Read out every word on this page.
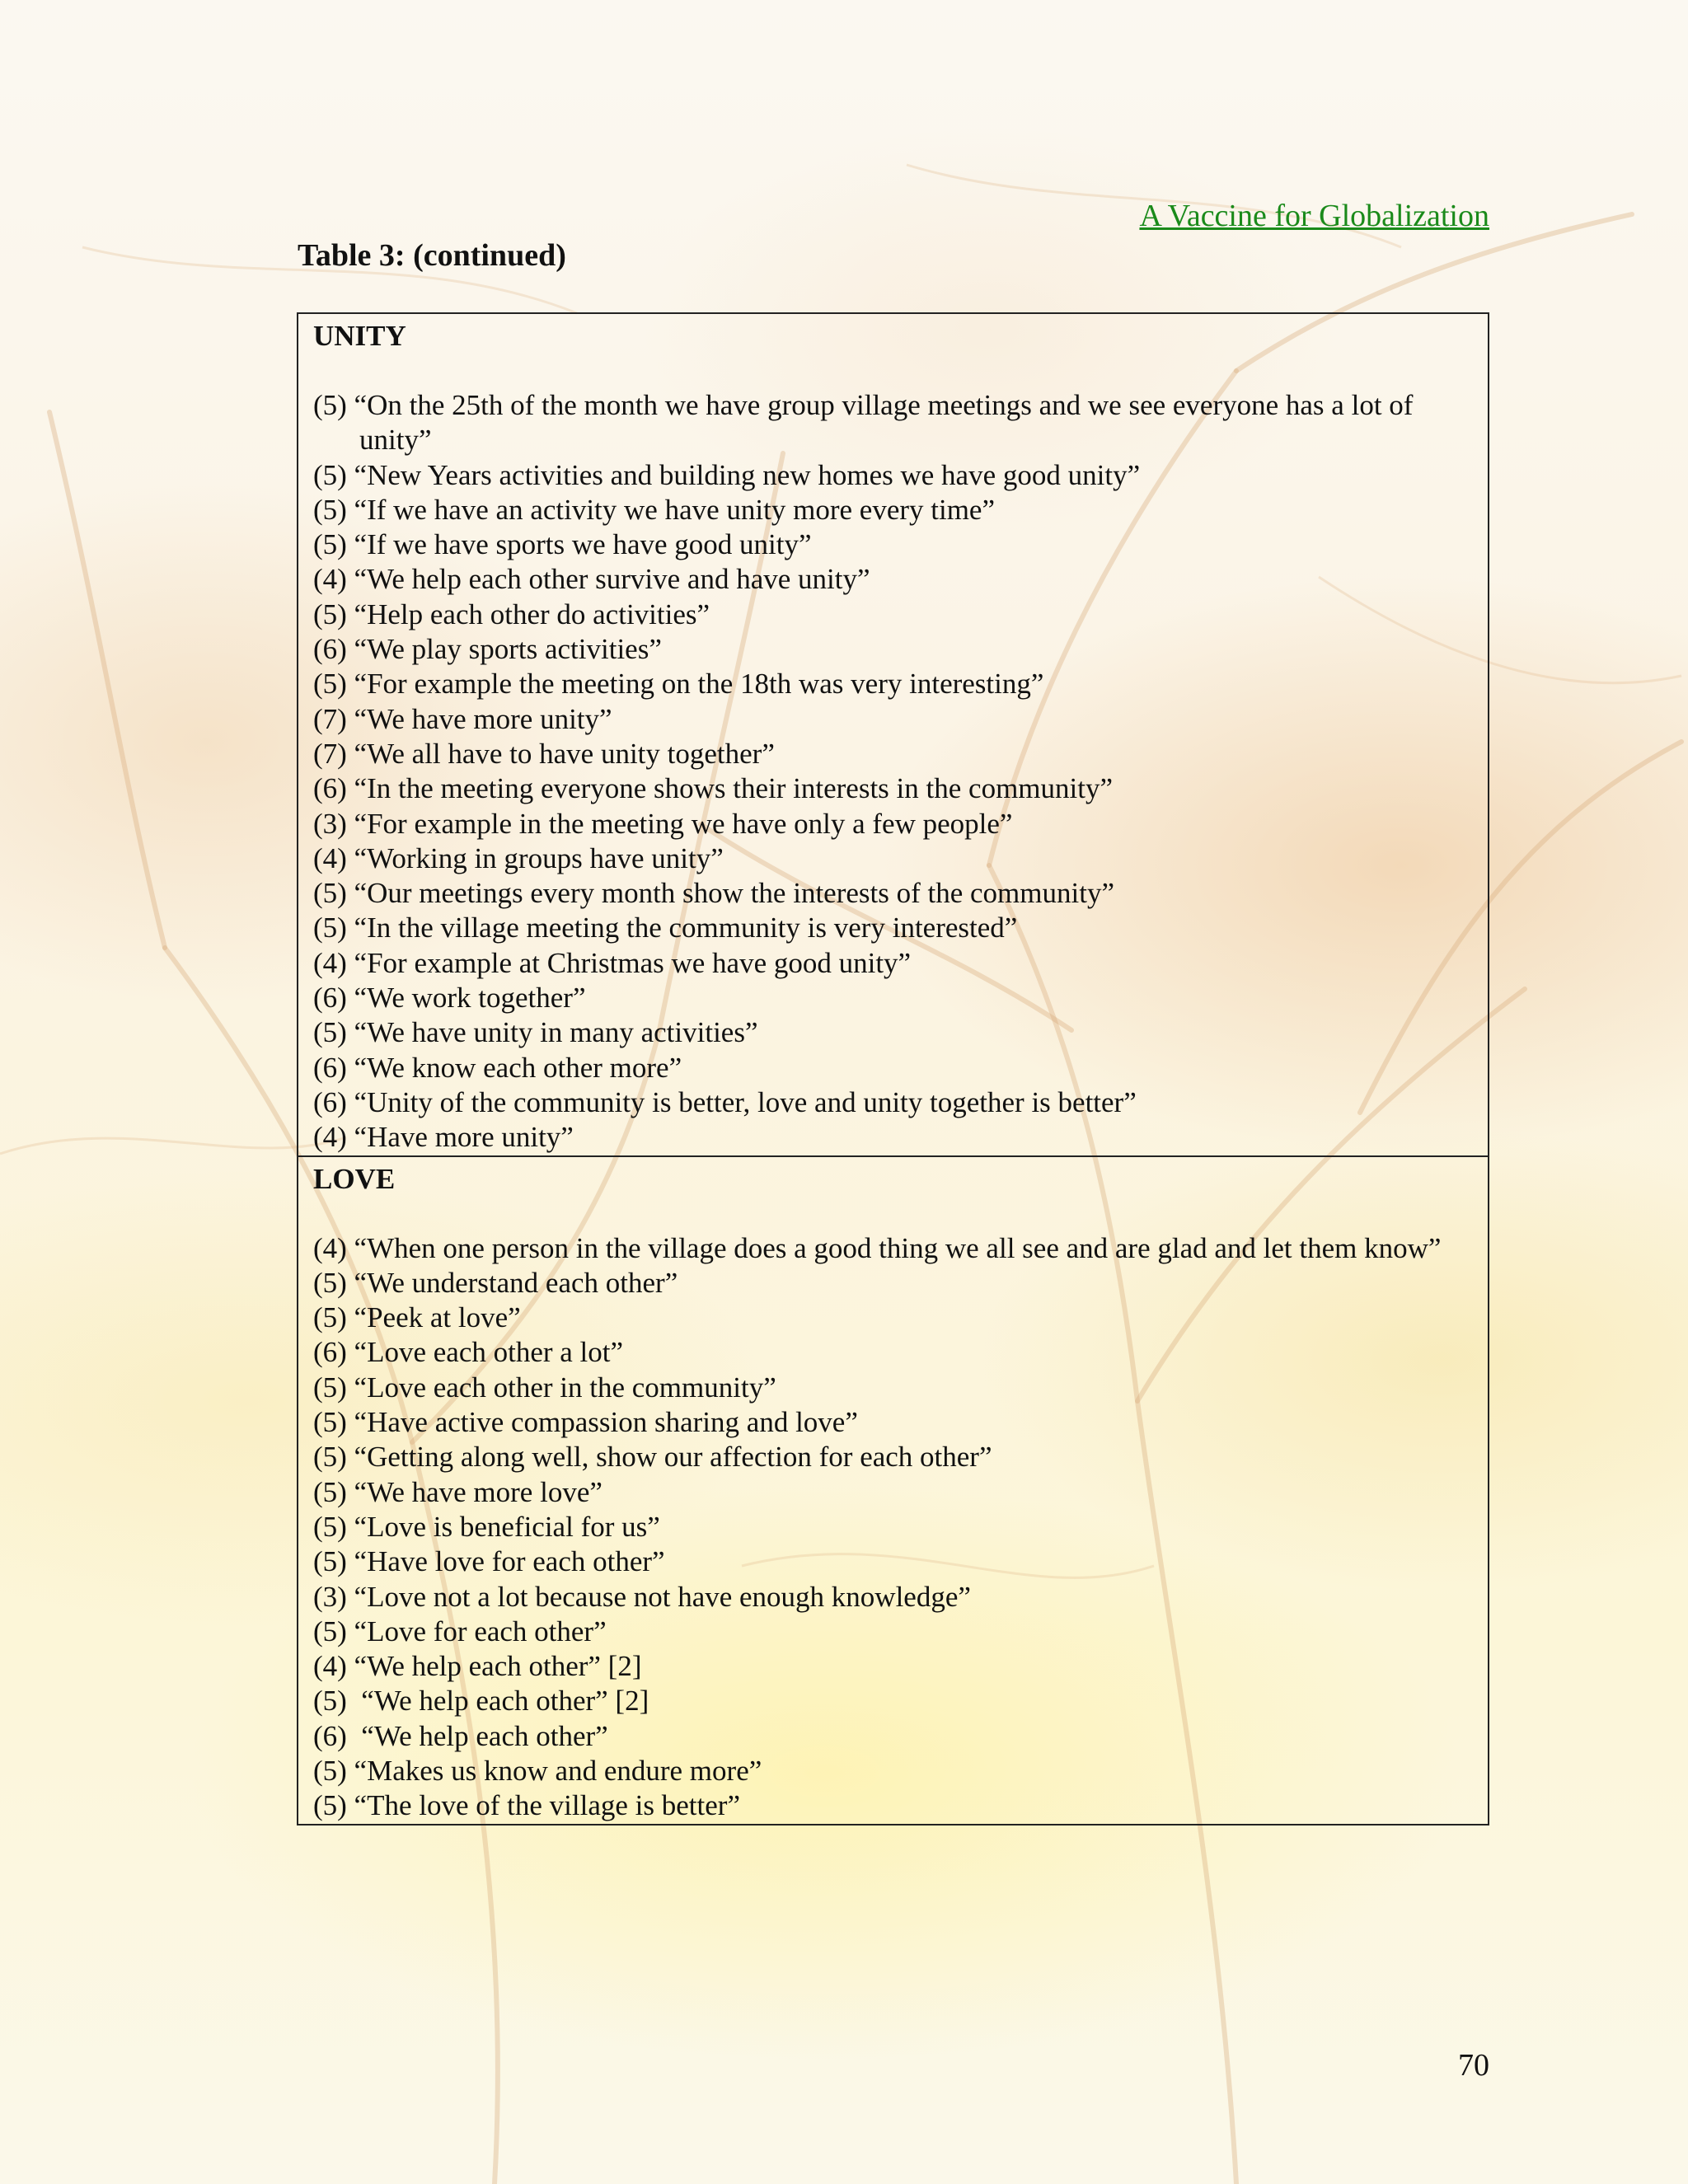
A Vaccine for Globalization
Table 3: (continued)
UNITY
(5) “On the 25th of the month we have group village meetings and we see everyone has a lot of unity”
(5) “New Years activities and building new homes we have good unity”
(5) “If we have an activity we have unity more every time”
(5) “If we have sports we have good unity”
(4) “We help each other survive and have unity”
(5) “Help each other do activities”
(6) “We play sports activities”
(5) “For example the meeting on the 18th was very interesting”
(7) “We have more unity”
(7) “We all have to have unity together”
(6) “In the meeting everyone shows their interests in the community”
(3) “For example in the meeting we have only a few people”
(4) “Working in groups have unity”
(5) “Our meetings every month show the interests of the community”
(5) “In the village meeting the community is very interested”
(4) “For example at Christmas we have good unity”
(6) “We work together”
(5) “We have unity in many activities”
(6) “We know each other more”
(6) “Unity of the community is better, love and unity together is better”
(4) “Have more unity”
LOVE
(4) “When one person in the village does a good thing we all see and are glad and let them know”
(5) “We understand each other”
(5) “Peek at love”
(6) “Love each other a lot”
(5) “Love each other in the community”
(5) “Have active compassion sharing and love”
(5) “Getting along well, show our affection for each other”
(5) “We have more love”
(5) “Love is beneficial for us”
(5) “Have love for each other”
(3) “Love not a lot because not have enough knowledge”
(5) “Love for each other”
(4) “We help each other” [2]
(5)  “We help each other” [2]
(6)  “We help each other”
(5) “Makes us know and endure more”
(5) “The love of the village is better”
70
